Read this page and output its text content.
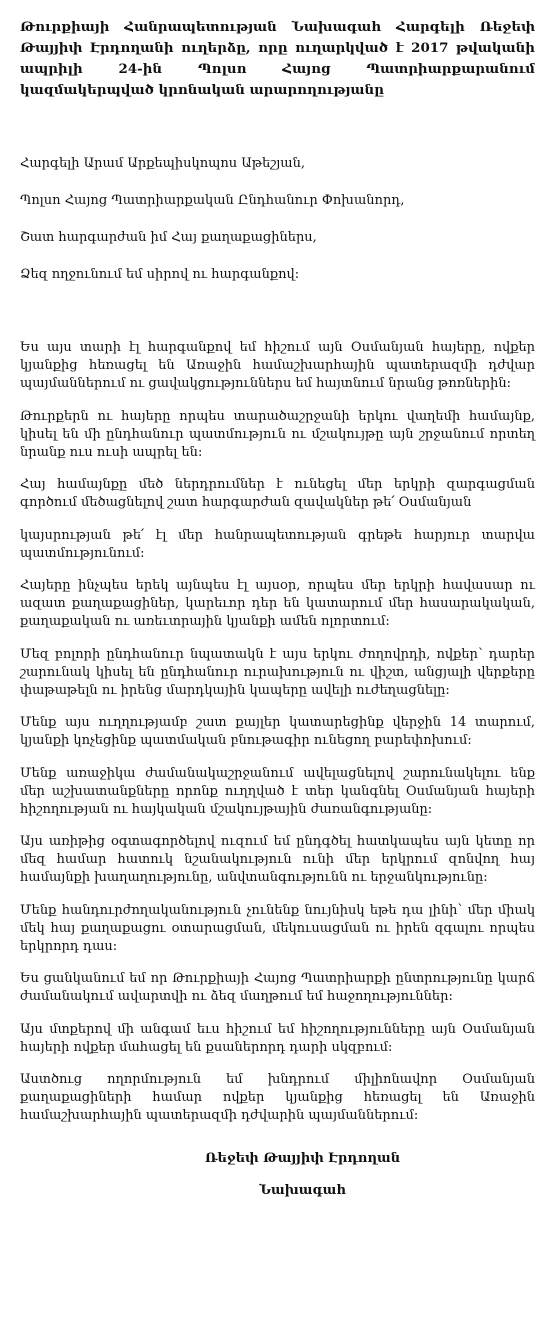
Թուրքիայի Հանրապետության Նախագահ Հարգելի Ռեջեփ Թայյիփ Էրդողանի ուղերձը, որը ուղարկված է 2017 թվականի ապրիլի 24-ին Պոլսո Հայոց Պատրիարքարանում կազմակերպված կրոնական արարողությանը

Հարգելի Արամ Արքեպիսկոպոս Աթեշյան,

Պոլսո Հայոց Պատրիարքական Ընդհանուր Փոխանորդ,

Շատ հարգարժան իմ Հայ քաղաքացիներս,

Ձեզ ողջունում եմ սիրով ու հարգանքով:

Ես այս տարի էլ հարգանքով եմ հիշում այն Օսմանյան հայերը, ովքեր կյանքից հեռացել են Առաջին համաշխարհային պատերազմի դժվար պայմաններում ու ցավակցություններս եմ հայտնում նրանց թոռներին:

Թուրքերն ու հայերը որպես տարածաշրջանի երկու վաղեմի համայնք, կիսել են մի ընդհանուր պատմություն ու մշակույթը այն շրջանում որտեղ նրանք ուս ուսի ապրել են:

Հայ համայնքը մեծ ներդրումներ է ունեցել մեր երկրի զարգացման գործում մեծացնելով շատ հարգարժան զավակներ թե՛ Օսմանյան

կայսրության թե՛ էլ մեր հանրապետության գրեթե հարյուր տարվա պատմությունում:

Հայերը ինչպես երեկ այնպես էլ այսօր, որպես մեր երկրի հավասար ու ազատ քաղաքացիներ, կարեւոր դեր են կատարում մեր հասարակական, քաղաքական ու առեւտրային կյանքի ամեն ոլորտում:

Մեզ բոլորի ընդհանուր նպատակն է այս երկու ժողովրդի, ովքեր՝ դարեր շարունակ կիսել են ընդհանուր ուրախություն ու վիշտ, անցյալի վերքերը փաթաթելն ու իրենց մարդկային կապերը ավելի ուժեղացնելը:

Մենք այս ուղղությամբ շատ քայլեր կատարեցինք վերջին 14 տարում, կյանքի կոչեցինք պատմական բնութագիր ունեցող բարեփոխում:

Մենք առաջիկա ժամանակաշրջանում ավելացնելով շարունակելու ենք մեր աշխատանքները որոնք ուղղված է տեր կանգնել Օսմանյան հայերի հիշողության ու հայկական մշակույթային ժառանգությանը:

Այս առիթից օգտագործելով ուզում եմ ընդգծել հատկապես այն կետը որ մեզ համար հատուկ նշանակություն ունի մեր երկրում զոնվող հայ համայնքի խաղաղությունը, անվտանգությունն ու երջանկությունը:

Մենք հանդուրժողականություն չունենք նույնիսկ եթե դա լինի՝ մեր միակ մեկ հայ քաղաքացու օտարացման, մեկուսացման ու իրեն զգալու որպես երկրորդ դաս:

Ես ցանկանում եմ որ Թուրքիայի Հայոց Պատրիարքի ընտրությունը կարճ ժամանակում ավարտվի ու ձեզ մաղթում եմ հաջողություններ:

Այս մտքերով մի անգամ եւս հիշում եմ հիշողությունները այն Օսմանյան հայերի ովքեր մահացել են քսաներորդ դարի սկզբում:

Աստծուց ողորմություն եմ խնդրում միլիոնավոր Օսմանյան քաղաքացիների համար ովքեր կյանքից հեռացել են Առաջին համաշխարհային պատերազմի դժվարին պայմաններում:

Ռեջեփ Թայյիփ Էրդողան

Նախագահ
